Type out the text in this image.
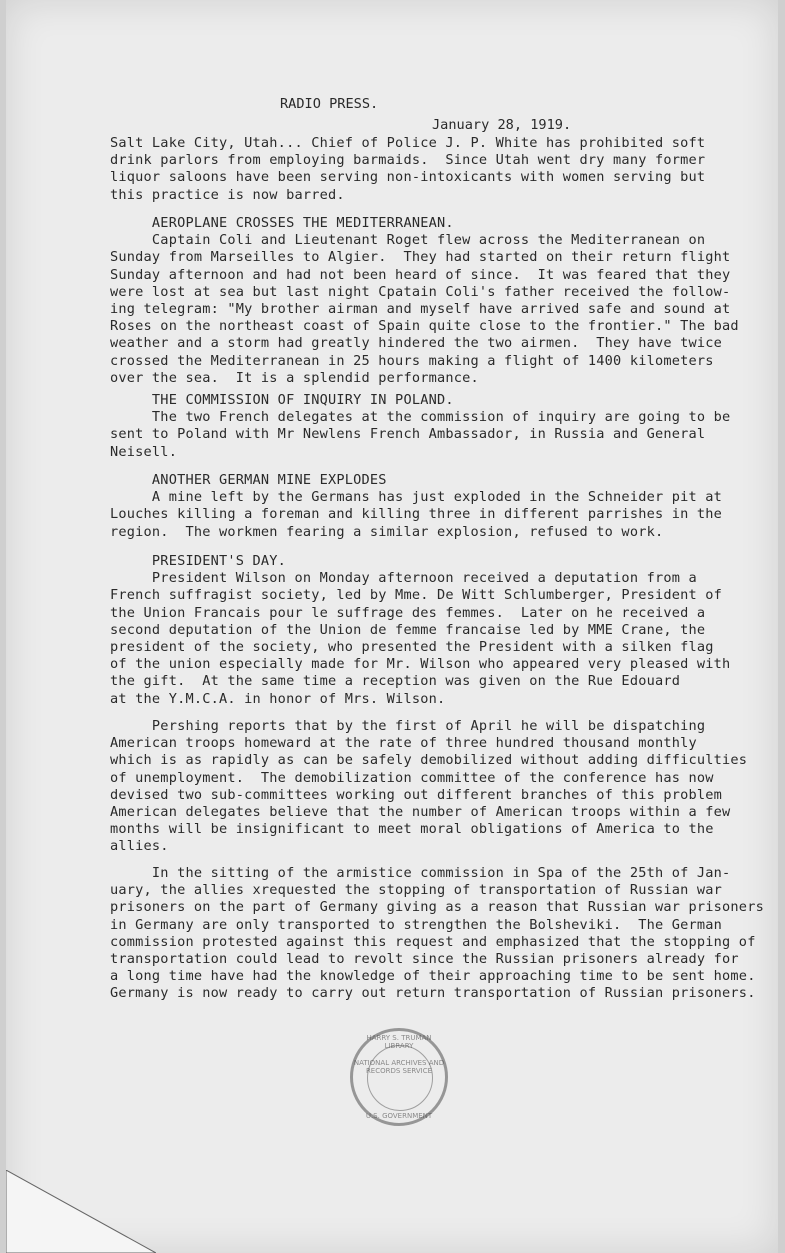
RADIO PRESS.
January 28, 1919.
Salt Lake City, Utah... Chief of Police J. P. White has prohibited soft
drink parlors from employing barmaids.  Since Utah went dry many former
liquor saloons have been serving non-intoxicants with women serving but
this practice is now barred.
AEROPLANE CROSSES THE MEDITERRANEAN.
Captain Coli and Lieutenant Roget flew across the Mediterranean on
Sunday from Marseilles to Algier.  They had started on their return flight
Sunday afternoon and had not been heard of since.  It was feared that they
were lost at sea but last night Cpatain Coli's father received the follow-
ing telegram: "My brother airman and myself have arrived safe and sound at
Roses on the northeast coast of Spain quite close to the frontier." The bad
weather and a storm had greatly hindered the two airmen.  They have twice
crossed the Mediterranean in 25 hours making a flight of 1400 kilometers
over the sea.  It is a splendid performance.
THE COMMISSION OF INQUIRY IN POLAND.
The two French delegates at the commission of inquiry are going to be
sent to Poland with Mr Newlens French Ambassador, in Russia and General
Neisell.
ANOTHER GERMAN MINE EXPLODES
A mine left by the Germans has just exploded in the Schneider pit at
Louches killing a foreman and killing three in different parrishes in the
region.  The workmen fearing a similar explosion, refused to work.
PRESIDENT'S DAY.
President Wilson on Monday afternoon received a deputation from a
French suffragist society, led by Mme. De Witt Schlumberger, President of
the Union Francais pour le suffrage des femmes.  Later on he received a
second deputation of the Union de femme francaise led by MME Crane, the
president of the society, who presented the President with a silken flag
of the union especially made for Mr. Wilson who appeared very pleased with
the gift.  At the same time a reception was given on the Rue Edouard
at the Y.M.C.A. in honor of Mrs. Wilson.
Pershing reports that by the first of April he will be dispatching
American troops homeward at the rate of three hundred thousand monthly
which is as rapidly as can be safely demobilized without adding difficulties
of unemployment.  The demobilization committee of the conference has now
devised two sub-committees working out different branches of this problem
American delegates believe that the number of American troops within a few
months will be insignificant to meet moral obligations of America to the
allies.
In the sitting of the armistice commission in Spa of the 25th of Jan-
uary, the allies xrequested the stopping of transportation of Russian war
prisoners on the part of Germany giving as a reason that Russian war prisoners
in Germany are only transported to strengthen the Bolsheviki.  The German
commission protested against this request and emphasized that the stopping of
transportation could lead to revolt since the Russian prisoners already for
a long time have had the knowledge of their approaching time to be sent home.
Germany is now ready to carry out return transportation of Russian prisoners.
HARRY S. TRUMAN LIBRARY
NATIONAL ARCHIVES AND RECORDS SERVICE
U.S. GOVERNMENT
